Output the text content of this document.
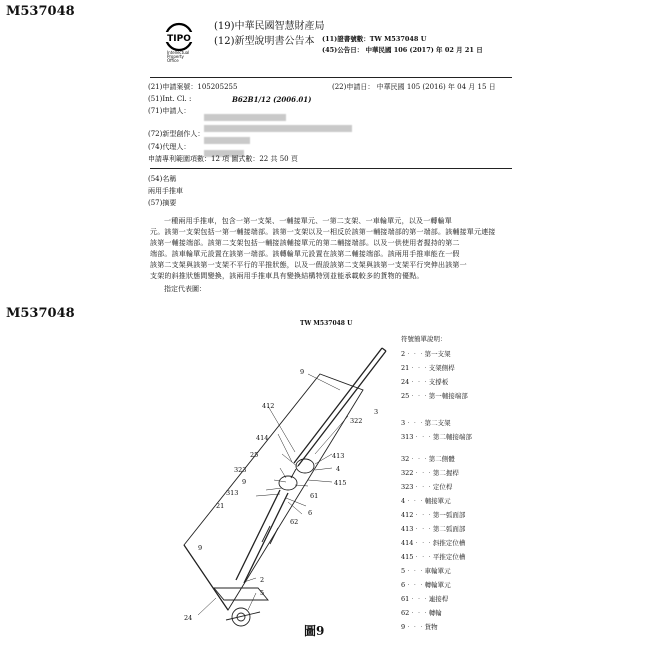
M537048
TIPO
Intellectual Property Office
(19)中華民國智慧財產局
(12)新型說明書公告本 (11)證書號數：TW M537048 U
(45)公告日： 中華民國 106 (2017) 年 02 月 21 日
(21)申請案號：105205255	(22)申請日： 中華民國 105 (2016) 年 04 月 15 日
(51)Int. Cl. :	B62B1/12 (2006.01)
(71)申請人：
(72)新型創作人：
(74)代理人：
申請專利範圍項數：12 項 圖式數：22 共 50 頁
(54)名稱
兩用手推車
(57)摘要
一種兩用手推車，包含一第一支架、一輔接單元、一第二支架、一車輪單元，以及一轉輪單
元。該第一支架包括一第一輔接端部。該第一支架以及一相反於該第一輔接端部的第一端部。該輔接單元連接
該第一輔接端部。該第二支架包括一輔接該輔接單元的第二輔接端部。以及一供使用者握持的第二
端部。該車輪單元設置在該第一端部。該轉輪單元設置在該第二輔接端部。該兩用手推車能在一假
該第二支架與該第一支架不平行的平推狀態，以及一假設該第二支架與該第一支架平行突伸出該第一
支架的斜推狀態間變換，該兩用手推車具有變換結構特別並能承載較多的貨物的優點。
指定代表圖：
M537048
TW M537048 U
9
412
3
322
414
25	413
323	4
9	415
313	61
21
6
62
9
2
5
24
圖9
符號簡單說明：
2‧‧‧第一支架
21‧‧‧支架側桿
24‧‧‧支撐板
25‧‧‧第一輔接端部
3‧‧‧第二支架
313‧‧‧第二輔接端部
32‧‧‧第二側體
322‧‧‧第二握桿
323‧‧‧定位桿
4‧‧‧輔接單元
412‧‧‧第一弧面部
413‧‧‧第二弧面部
414‧‧‧斜推定位槽
415‧‧‧平推定位槽
5‧‧‧車輪單元
6‧‧‧轉輪單元
61‧‧‧連接桿
62‧‧‧轉輪
9‧‧‧貨物
